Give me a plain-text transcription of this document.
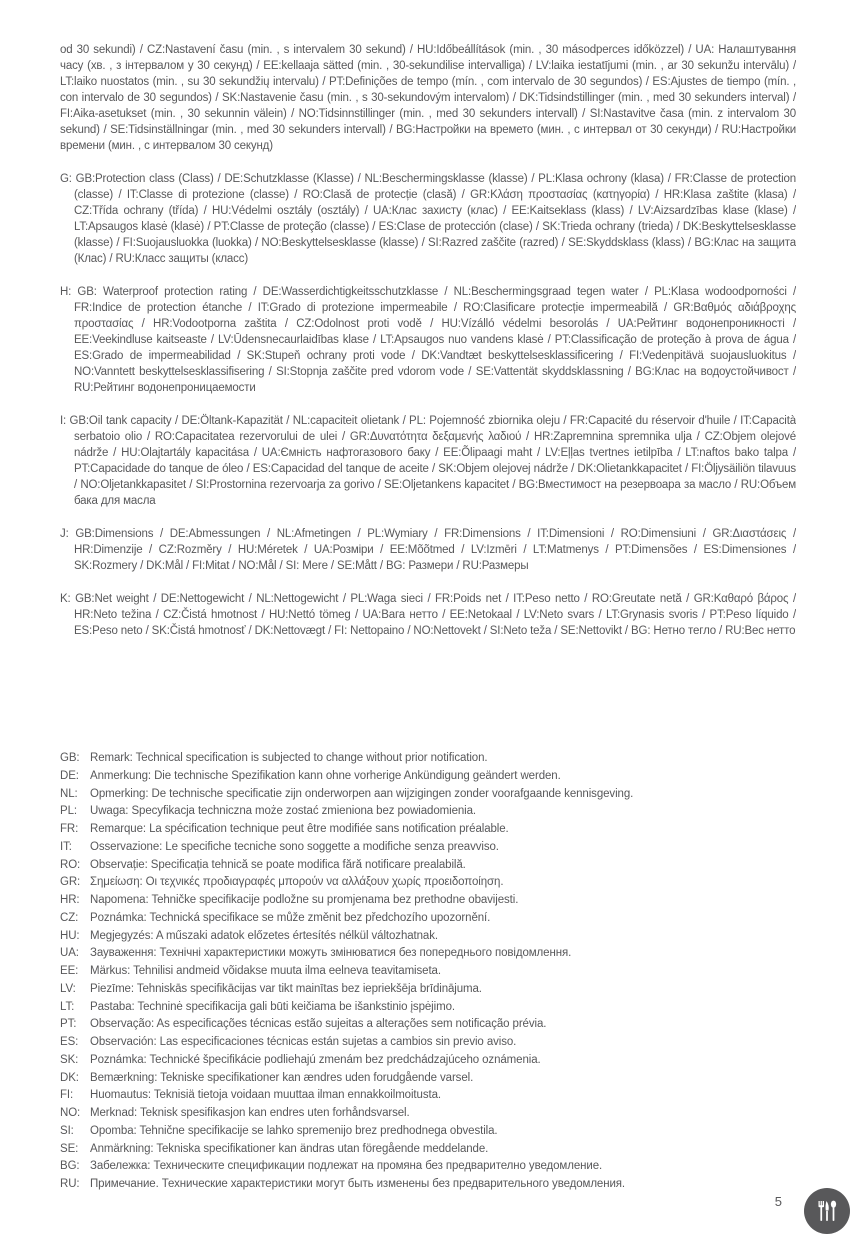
od 30 sekundi) / CZ:Nastavení času (min. , s intervalem 30 sekund) / HU:Időbeállítások (min. , 30 másodperces időközzel) / UA: Налаштування часу (хв. , з інтервалом у 30 секунд) / EE:kellaaja sätted (min. , 30-sekundilise intervalliga) / LV:laika iestatījumi (min. , ar 30 sekunžu intervālu) / LT:laiko nuostatos (min. , su 30 sekundžių intervalu) / PT:Definições de tempo (mín. , com intervalo de 30 segundos) / ES:Ajustes de tiempo (mín. , con intervalo de 30 segundos) / SK:Nastavenie času (min. , s 30-sekundovým intervalom) / DK:Tidsindstillinger (min. , med 30 sekunders interval) / FI:Aika-asetukset (min. , 30 sekunnin välein) / NO:Tidsinnstillinger (min. , med 30 sekunders intervall) / SI:Nastavitve časa (min. z intervalom 30 sekund) / SE:Tidsinställningar (min. , med 30 sekunders intervall) / BG:Настройки на времето (мин. , с интервал от 30 секунди) / RU:Настройки времени (мин. , с интервалом 30 секунд)

G: GB:Protection class (Class) / DE:Schutzklasse (Klasse) / NL:Beschermingsklasse (klasse) / PL:Klasa ochrony (klasa) / FR:Classe de protection (classe) / IT:Classe di protezione (classe) / RO:Clasă de protecție (clasă) / GR:Κλάση προστασίας (κατηγορία) / HR:Klasa zaštite (klasa) / CZ:Třída ochrany (třída) / HU:Védelmi osztály (osztály) / UA:Клас захисту (клас) / EE:Kaitseklass (klass) / LV:Aizsardzības klase (klase) / LT:Apsaugos klasė (klasė) / PT:Classe de proteção (classe) / ES:Clase de protección (clase) / SK:Trieda ochrany (trieda) / DK:Beskyttelsesklasse (klasse) / FI:Suojausluokka (luokka) / NO:Beskyttelsesklasse (klasse) / SI:Razred zaščite (razred) / SE:Skyddsklass (klass) / BG:Клас на защита (Клас) / RU:Класс защиты (класс)

H: GB: Waterproof protection rating / DE:Wasserdichtigkeitsschutzklasse / NL:Beschermingsgraad tegen water / PL:Klasa wodoodporności / FR:Indice de protection étanche / IT:Grado di protezione impermeabile / RO:Clasificare protecție impermeabilă / GR:Βαθμός αδιάβροχης προστασίας / HR:Vodootporna zaštita / CZ:Odolnost proti vodě / HU:Vízálló védelmi besorolás / UA:Рейтинг водонепроникності / EE:Veekindluse kaitseaste / LV:Ūdensnecaurlaidības klase / LT:Apsaugos nuo vandens klasė / PT:Classificação de proteção à prova de água / ES:Grado de impermeabilidad / SK:Stupeň ochrany proti vode / DK:Vandtæt beskyttelsesklassificering / FI:Vedenpitävä suojausluokitus / NO:Vanntett beskyttelsesklassifisering / SI:Stopnja zaščite pred vdorom vode / SE:Vattentät skyddsklassning / BG:Клас на водоустойчивост / RU:Рейтинг водонепроницаемости

I: GB:Oil tank capacity / DE:Öltank-Kapazität / NL:capaciteit olietank / PL: Pojemność zbiornika oleju / FR:Capacité du réservoir d'huile / IT:Capacità serbatoio olio / RO:Capacitatea rezervorului de ulei / GR:Δυνατότητα δεξαμενής λαδιού / HR:Zapremnina spremnika ulja / CZ:Objem olejové nádrže / HU:Olajtartály kapacitása / UA:Ємність нафтогазового баку / EE:Õlipaagi maht / LV:Eļļas tvertnes ietilpība / LT:naftos bako talpa / PT:Capacidade do tanque de óleo / ES:Capacidad del tanque de aceite / SK:Objem olejovej nádrže / DK:Olietankkapacitet / FI:Öljysäiliön tilavuus / NO:Oljetankkapasitet / SI:Prostornina rezervoarja za gorivo / SE:Oljetankens kapacitet / BG:Вместимост на резервоара за масло / RU:Объем бака для масла

J: GB:Dimensions / DE:Abmessungen / NL:Afmetingen / PL:Wymiary / FR:Dimensions / IT:Dimensioni / RO:Dimensiuni / GR:Διαστάσεις / HR:Dimenzije / CZ:Rozměry / HU:Méretek / UA:Розміри / EE:Mõõtmed / LV:Izmēri / LT:Matmenys / PT:Dimensões / ES:Dimensiones / SK:Rozmery / DK:Mål / FI:Mitat / NO:Mål / SI: Mere / SE:Mått / BG: Размери / RU:Размеры

K: GB:Net weight / DE:Nettogewicht / NL:Nettogewicht / PL:Waga sieci / FR:Poids net / IT:Peso netto / RO:Greutate netă / GR:Καθαρό βάρος / HR:Neto težina / CZ:Čistá hmotnost / HU:Nettó tömeg / UA:Вага нетто / EE:Netokaal / LV:Neto svars / LT:Grynasis svoris / PT:Peso líquido / ES:Peso neto / SK:Čistá hmotnosť / DK:Nettovægt / FI: Nettopaino / NO:Nettovekt / SI:Neto teža / SE:Nettovikt / BG: Нетно тегло / RU:Вес нетто

GB: Remark: Technical specification is subjected to change without prior notification.

DE: Anmerkung: Die technische Spezifikation kann ohne vorherige Ankündigung geändert werden.

NL: Opmerking: De technische specificatie zijn onderworpen aan wijzigingen zonder voorafgaande kennisgeving.

PL: Uwaga: Specyfikacja techniczna może zostać zmieniona bez powiadomienia.

FR: Remarque: La spécification technique peut être modifiée sans notification préalable.

IT: Osservazione: Le specifiche tecniche sono soggette a modifiche senza preavviso.

RO: Observație: Specificația tehnică se poate modifica fără notificare prealabilă.

GR: Σημείωση: Οι τεχνικές προδιαγραφές μπορούν να αλλάξουν χωρίς προειδοποίηση.

HR: Napomena: Tehničke specifikacije podložne su promjenama bez prethodne obavijesti.

CZ: Poznámka: Technická specifikace se může změnit bez předchozího upozornění.

HU: Megjegyzés: A műszaki adatok előzetes értesítés nélkül változhatnak.

UA: Зауваження: Технічні характеристики можуть змінюватися без попереднього повідомлення.

EE: Märkus: Tehnilisi andmeid võidakse muuta ilma eelneva teavitamiseta.

LV: Piezīme: Tehniskās specifikācijas var tikt mainītas bez iepriekšēja brīdinājuma.

LT: Pastaba: Techninė specifikacija gali būti keičiama be išankstinio įspėjimo.

PT: Observação: As especificações técnicas estão sujeitas a alterações sem notificação prévia.

ES: Observación: Las especificaciones técnicas están sujetas a cambios sin previo aviso.

SK: Poznámka: Technické špecifikácie podliehajú zmenám bez predchádzajúceho oznámenia.

DK: Bemærkning: Tekniske specifikationer kan ændres uden forudgående varsel.

FI: Huomautus: Teknisiä tietoja voidaan muuttaa ilman ennakkoilmoitusta.

NO: Merknad: Teknisk spesifikasjon kan endres uten forhåndsvarsel.

SI: Opomba: Tehnične specifikacije se lahko spremenijo brez predhodnega obvestila.

SE: Anmärkning: Tekniska specifikationer kan ändras utan föregående meddelande.

BG: Забележка: Техническите спецификации подлежат на промяна без предварително уведомление.

RU: Примечание. Технические характеристики могут быть изменены без предварительного уведомления.

5
